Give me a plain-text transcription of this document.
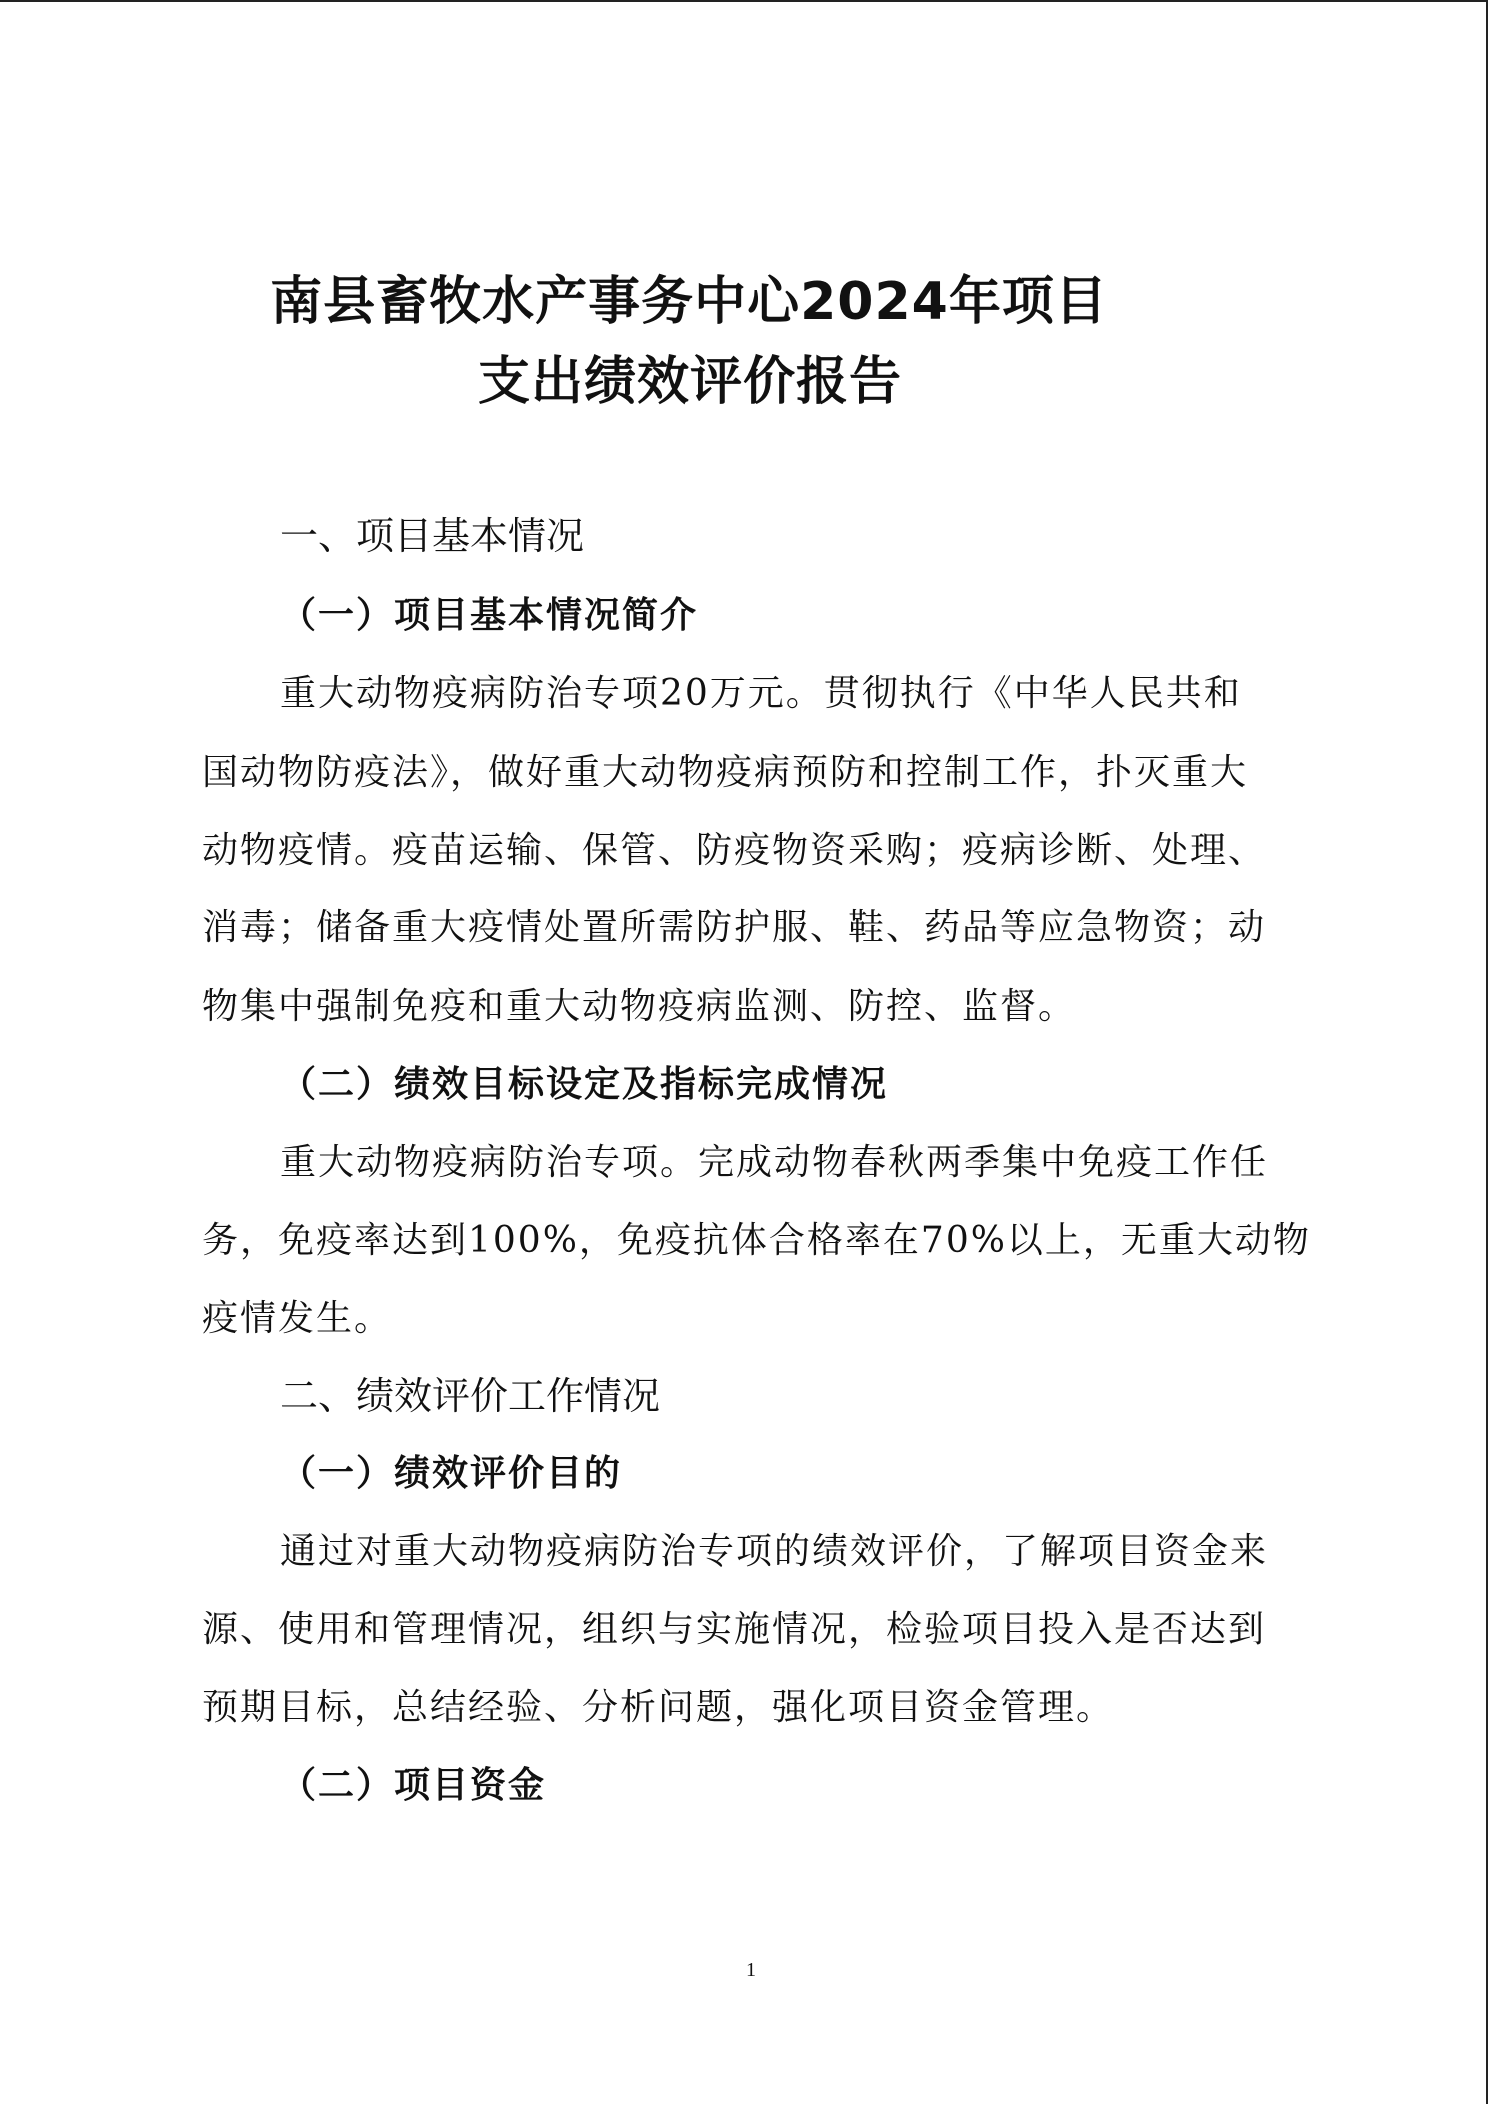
南县畜牧水产事务中心2024年项目
支出绩效评价报告
一、项目基本情况
（一）项目基本情况简介
重大动物疫病防治专项20万元。贯彻执行《中华人民共和
国动物防疫法》，做好重大动物疫病预防和控制工作，扑灭重大
动物疫情。疫苗运输、保管、防疫物资采购；疫病诊断、处理、
消毒；储备重大疫情处置所需防护服、鞋、药品等应急物资；动
物集中强制免疫和重大动物疫病监测、防控、监督。
（二）绩效目标设定及指标完成情况
重大动物疫病防治专项。完成动物春秋两季集中免疫工作任
务，免疫率达到100%，免疫抗体合格率在70%以上，无重大动物
疫情发生。
二、绩效评价工作情况
（一）绩效评价目的
通过对重大动物疫病防治专项的绩效评价，了解项目资金来
源、使用和管理情况，组织与实施情况，检验项目投入是否达到
预期目标，总结经验、分析问题，强化项目资金管理。
（二）项目资金
1
